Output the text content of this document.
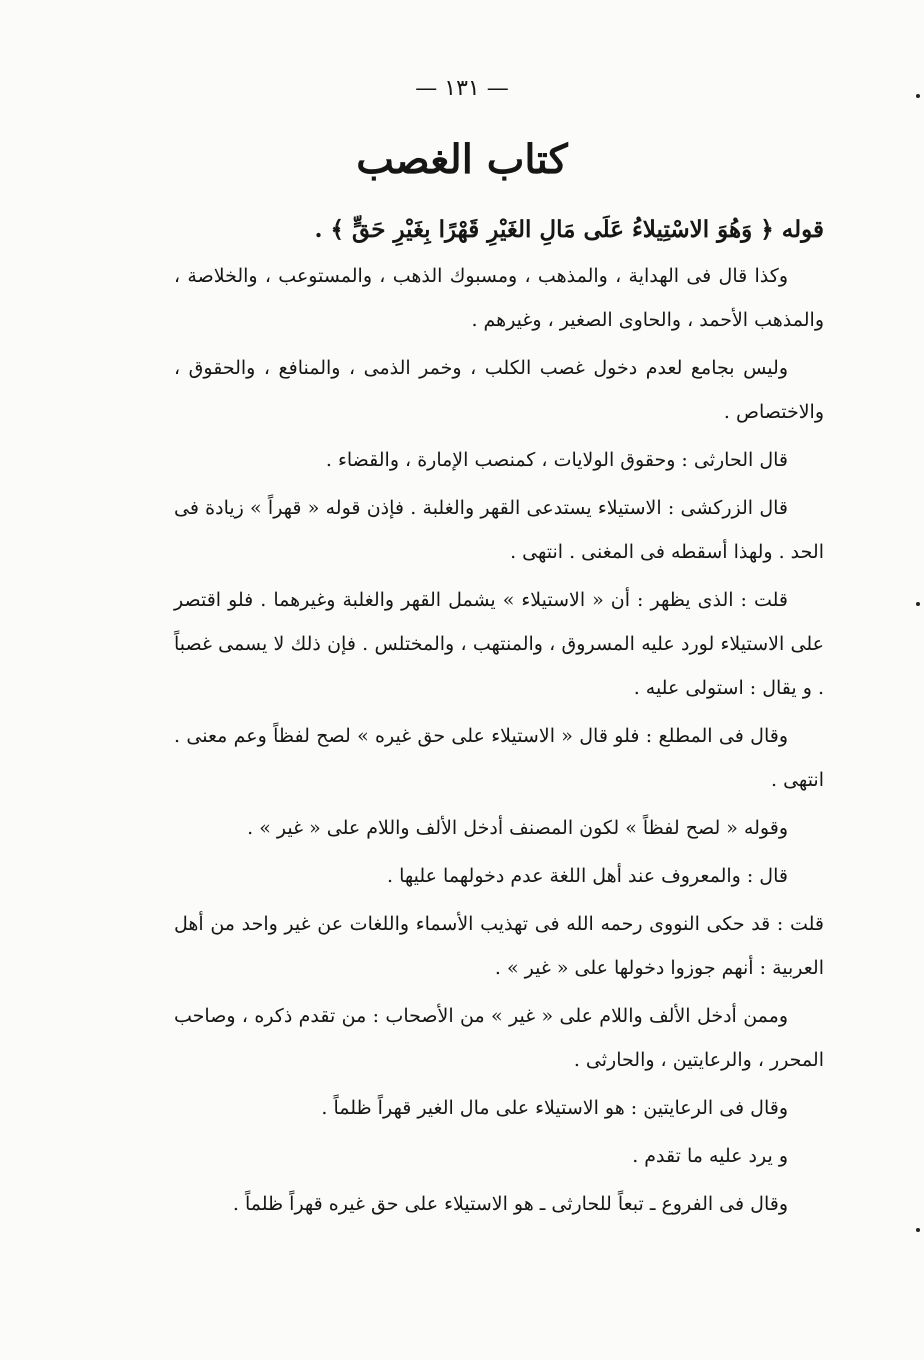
— ١٣١ —
كتاب الغصب

قوله ﴿ وَهُوَ الاسْتِيلاءُ عَلَى مَالِ الغَيْرِ قَهْرًا بِغَيْرِ حَقٍّ ﴾ .

وكذا قال فى الهداية ، والمذهب ، ومسبوك الذهب ، والمستوعب ، والخلاصة ، والمذهب الأحمد ، والحاوى الصغير ، وغيرهم .

وليس بجامع لعدم دخول غصب الكلب ، وخمر الذمى ، والمنافع ، والحقوق ، والاختصاص .

قال الحارثى : وحقوق الولايات ، كمنصب الإمارة ، والقضاء .

قال الزركشى : الاستيلاء يستدعى القهر والغلبة . فإذن قوله « قهراً » زيادة فى الحد . ولهذا أسقطه فى المغنى . انتهى .

قلت : الذى يظهر : أن « الاستيلاء » يشمل القهر والغلبة وغيرهما . فلو اقتصر على الاستيلاء لورد عليه المسروق ، والمنتهب ، والمختلس . فإن ذلك لا يسمى غصباً . و يقال : استولى عليه .

وقال فى المطلع : فلو قال « الاستيلاء على حق غيره » لصح لفظاً وعم معنى . انتهى .

وقوله « لصح لفظاً » لكون المصنف أدخل الألف واللام على « غير » .

قال : والمعروف عند أهل اللغة عدم دخولهما عليها .

قلت : قد حكى النووى رحمه الله فى تهذيب الأسماء واللغات عن غير واحد من أهل العربية : أنهم جوزوا دخولها على « غير » .

وممن أدخل الألف واللام على « غير » من الأصحاب : من تقدم ذكره ، وصاحب المحرر ، والرعايتين ، والحارثى .

وقال فى الرعايتين : هو الاستيلاء على مال الغير قهراً ظلماً .

و يرد عليه ما تقدم .

وقال فى الفروع ـ تبعاً للحارثى ـ هو الاستيلاء على حق غيره قهراً ظلماً .
